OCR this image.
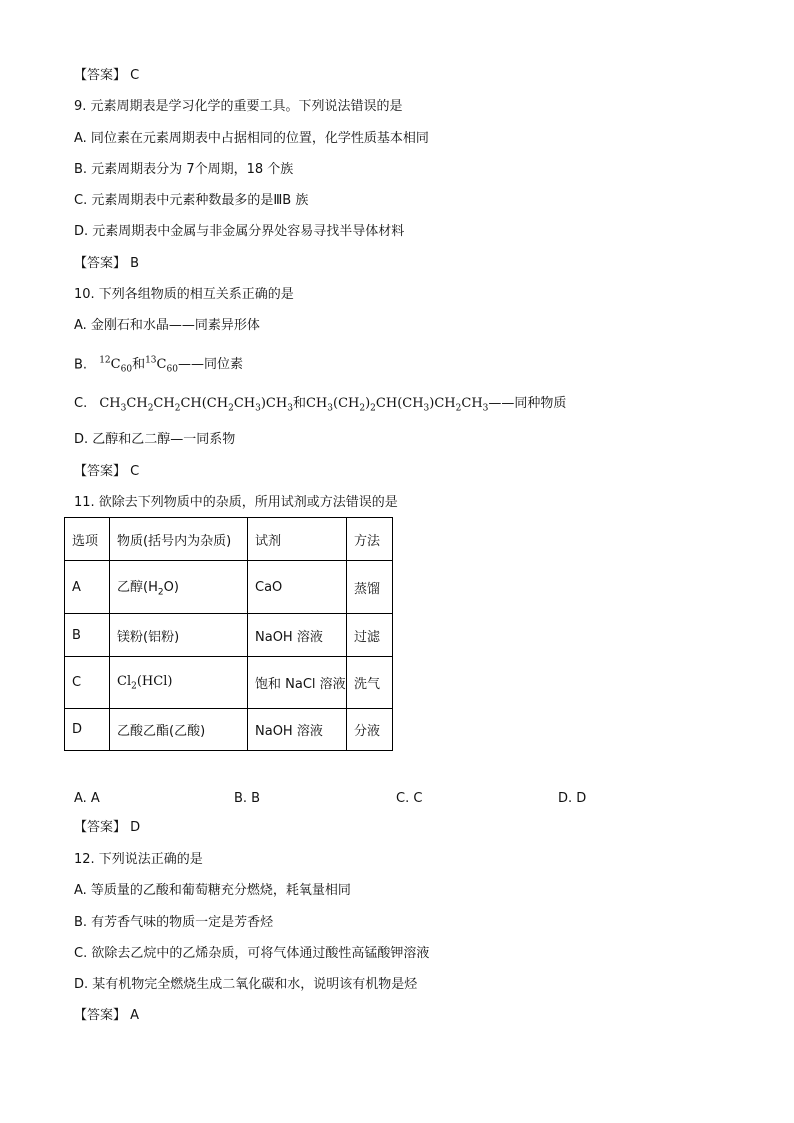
【答案】 C
9. 元素周期表是学习化学的重要工具。下列说法错误的是
A. 同位素在元素周期表中占据相同的位置，化学性质基本相同
B. 元素周期表分为 7个周期，18 个族
C. 元素周期表中元素种数最多的是ⅢB 族
D. 元素周期表中金属与非金属分界处容易寻找半导体材料
【答案】 B
10. 下列各组物质的相互关系正确的是
A. 金刚石和水晶——同素异形体
B. $^{12}C_{60}$和$^{13}C_{60}——$同位素
C. $CH_3CH_2CH_2CH(CH_2CH_3)CH_3$和$CH_3(CH_2)_2CH(CH_3)CH_2CH_3——$同种物质
D. 乙醇和乙二醇—一同系物
【答案】 C
11. 欲除去下列物质中的杂质，所用试剂或方法错误的是
选项	物质(括号内为杂质)	试剂	方法
A	乙醇$(H_2O)$	CaO	蒸馏
B	镁粉(铝粉)	NaOH 溶液	过滤
C	$Cl_2(HCl)$	饱和 NaCl 溶液	洗气
D	乙酸乙酯(乙酸)	NaOH 溶液	分液
A. A	B. B	C. C	D. D
【答案】 D
12. 下列说法正确的是
A. 等质量的乙酸和葡萄糖充分燃烧，耗氧量相同
B. 有芳香气味的物质一定是芳香烃
C. 欲除去乙烷中的乙烯杂质，可将气体通过酸性高锰酸钾溶液
D. 某有机物完全燃烧生成二氧化碳和水，说明该有机物是烃
【答案】 A
